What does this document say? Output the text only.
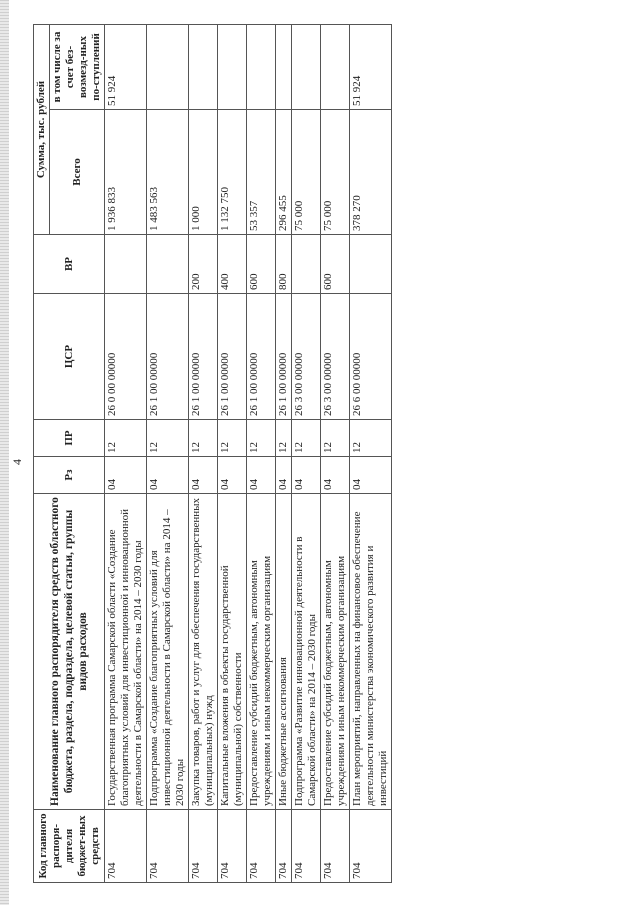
4
Код главного распоря-дителя бюджет-ных средств	Наименование главного распорядителя средств областного бюджета, раздела, подраздела, целевой статьи, группы видов расходов	Рз	ПР	ЦСР	ВР	Сумма, тыс. рублей	
						Всего	в том числе за счет без-возмезд-ных по-ступлений
704	Государственная программа Самарской области «Создание благоприятных условий для инвестиционной и инновационной деятельности в Самарской области» на 2014 – 2030 годы	04	12	26 0 00 00000		1 936 833	51 924
704	Подпрограмма «Создание благоприятных условий для инвестиционной деятельности в Самарской области» на 2014 – 2030 годы	04	12	26 1 00 00000		1 483 563	
704	Закупка товаров, работ и услуг для обеспечения государственных (муниципальных) нужд	04	12	26 1 00 00000	200	1 000	
704	Капитальные вложения в объекты государственной (муниципальной) собственности	04	12	26 1 00 00000	400	1 132 750	
704	Предоставление субсидий бюджетным, автономным учреждениям и иным некоммерческим организациям	04	12	26 1 00 00000	600	53 357	
704	Иные бюджетные ассигнования	04	12	26 1 00 00000	800	296 455	
704	Подпрограмма «Развитие инновационной деятельности в Самарской области» на 2014 – 2030 годы	04	12	26 3 00 00000		75 000	
704	Предоставление субсидий бюджетным, автономным учреждениям и иным некоммерческим организациям	04	12	26 3 00 00000	600	75 000	
704	План мероприятий, направленных на финансовое обеспечение деятельности министерства экономического развития и инвестиций	04	12	26 6 00 00000		378 270	51 924
